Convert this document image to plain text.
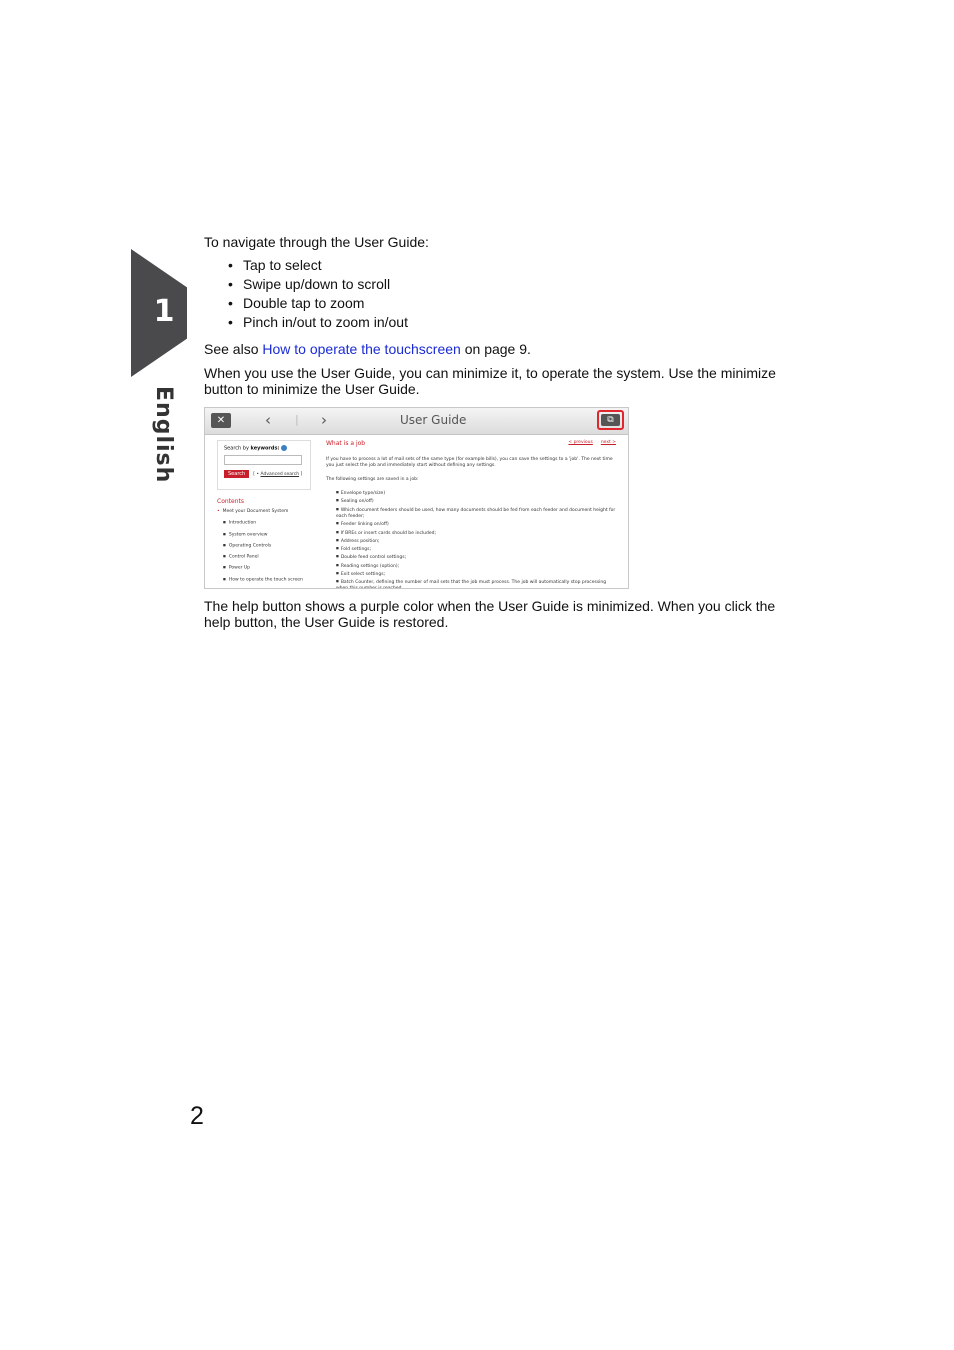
1
English
To navigate through the User Guide:
• Tap to select
• Swipe up/down to scroll
• Double tap to zoom
• Pinch in/out to zoom in/out
See also How to operate the touchscreen on page 9.
When you use the User Guide, you can minimize it, to operate the system. Use the minimize button to minimize the User Guide.
✕	‹ | ›	User Guide	⧉
Search by keywords:
Search [ • Advanced search ]
Contents
• Meet your Document System
■ Introduction
■ System overview
■ Operating Controls
■ Control Panel
■ Power Up
■ How to operate the touch screen
What is a job	< previous next >
If you have to process a lot of mail sets of the same type (for example bills), you can save the settings to a 'job'. The next time you just select the job and immediately start without defining any settings.
The following settings are saved in a job:
■ Envelope type/size)
■ Sealing on/off)
■ Which document feeders should be used, how many documents should be fed from each feeder and document height for each feeder;
■ Feeder linking on/off)
■ If BREs or insert cards should be included;
■ Address position;
■ Fold settings;
■ Double feed control settings;
■ Reading settings (option);
■ Exit select settings;
■ Batch Counter, defining the number of mail sets that the job must process. The job will automatically stop processing when this number is reached.
The help button shows a purple color when the User Guide is minimized. When you click the help button, the User Guide is restored.
2
